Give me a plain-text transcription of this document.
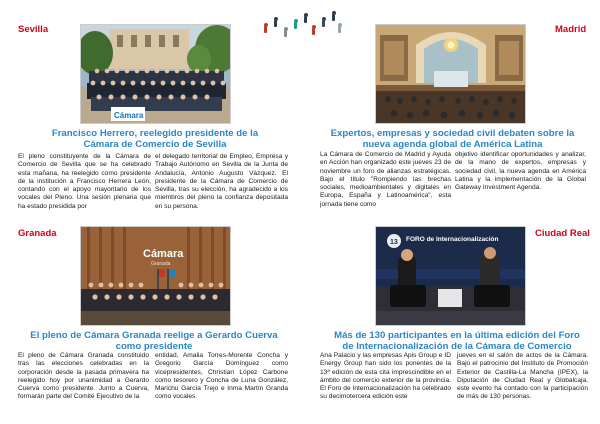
Sevilla
Cámara
Francisco Herrero, reelegido presidente de la Cámara de Comercio de Sevilla
El pleno constituyente de la Cámara de Comercio de Sevilla que se ha celebrado esta mañana, ha reelegido como presidente de la institución a Francisco Herrera León, contando con el apoyo mayoritario de los vocales del Pleno. Una sesión plenaria que ha estado presidida por
el delegado territorial de Empleo, Empresa y Trabajo Autónomo en Sevilla de la Junta de Andalucía, Antonio Augusto Vázquez. El presidente de la Cámara de Comercio de Sevilla, tras su elección, ha agradecido a los miembros del pleno la confianza depositada en su persona.
Madrid
Expertos, empresas y sociedad civil debaten sobre la nueva agenda global de América Latina
La Cámara de Comercio de Madrid y Ayuda en Acción han organizado este jueves 23 de noviembre un foro de alianzas estratégicas. Bajo el título "Rompiendo las brechas sociales, medioambientales y digitales en Europa, España y Latinoamérica", esta jornada tiene como
objetivo identificar oportunidades y analizar, de la mano de expertos, empresas y sociedad civil, la nueva agenda en América Latina y la implementación de la Global Gateway Investment Agenda.
Granada
Cámara
Granada
El pleno de Cámara Granada reelige a Gerardo Cuerva como presidente
El pleno de Cámara Granada constituido tras las elecciones celebradas en la corporación desde la pasada primavera ha reelegido hoy por unanimidad a Gerardo Cuerva como presidente. Junto a Cuerva, formarán parte del Comité Ejecutivo de la
entidad, Amalia Torres-Morente Concha y Gregorio García Domínguez como vicepresidentes, Christian López Carbone como tesorero y Concha de Luna González, Marichu García Trejo e Inma Martín Granda como vocales.
Ciudad Real
13 FORO de Internacionalización
Más de 130 participantes en la última edición del Foro de Internacionalización de la Cámara de Comercio
Ana Palacio y las empresas Apis Group e ID Energy Group han sido los ponentes de la 13ª edición de esta cita imprescindible en el ámbito del comercio exterior de la provincia. El Foro de Internacionalización ha celebrado su decimotercera edición este
jueves en el salón de actos de la Cámara. Bajo el patrocinio del Instituto de Promoción Exterior de Castilla-La Mancha (IPEX), la Diputación de Ciudad Real y Globalcaja, este evento ha contado con la participación de más de 130 personas.
